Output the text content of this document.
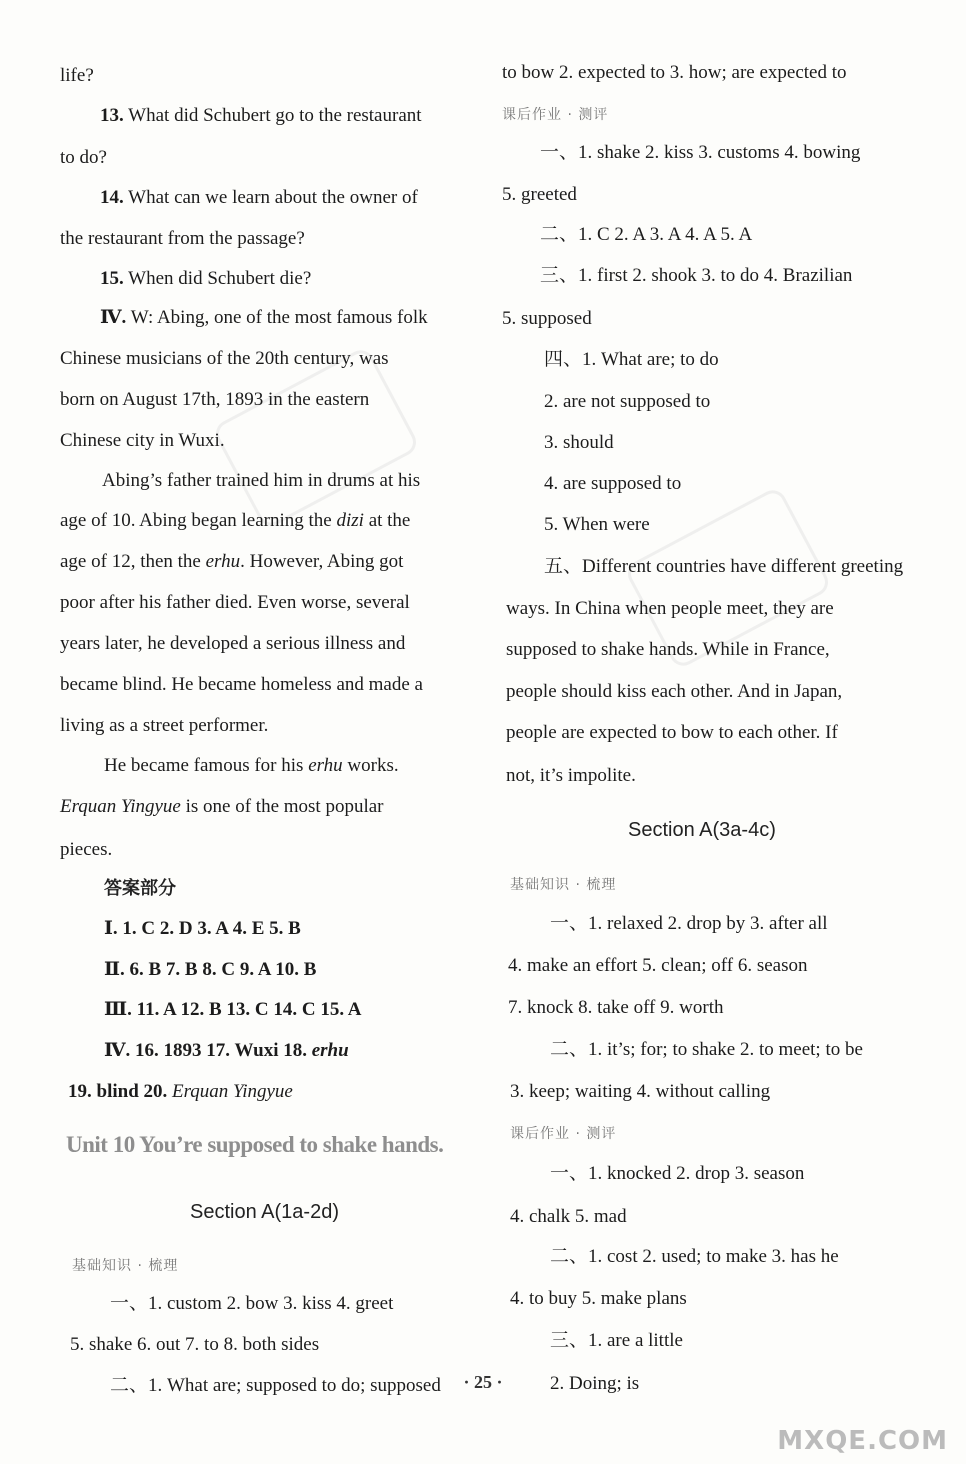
life?
13. What did Schubert go to the restaurant
to do?
14. What can we learn about the owner of
the restaurant from the passage?
15. When did Schubert die?
Ⅳ. W: Abing, one of the most famous folk
Chinese musicians of the 20th century, was
born on August 17th, 1893 in the eastern
Chinese city in Wuxi.
Abing’s father trained him in drums at his
age of 10. Abing began learning the dizi at the
age of 12, then the erhu. However, Abing got
poor after his father died. Even worse, several
years later, he developed a serious illness and
became blind. He became homeless and made a
living as a street performer.
He became famous for his erhu works.
Erquan Yingyue is one of the most popular
pieces.
答案部分
Ⅰ. 1. C 2. D 3. A 4. E 5. B
Ⅱ. 6. B 7. B 8. C 9. A 10. B
Ⅲ. 11. A 12. B 13. C 14. C 15. A
Ⅳ. 16. 1893 17. Wuxi 18. erhu
19. blind 20. Erquan Yingyue
Unit 10 You’re supposed to shake hands.
Section A(1a-2d)
基础知识 · 梳理
一、1. custom 2. bow 3. kiss 4. greet
5. shake 6. out 7. to 8. both sides
二、1. What are; supposed to do; supposed
to bow 2. expected to 3. how; are expected to
课后作业 · 测评
一、1. shake 2. kiss 3. customs 4. bowing
5. greeted
二、1. C 2. A 3. A 4. A 5. A
三、1. first 2. shook 3. to do 4. Brazilian
5. supposed
四、1. What are; to do
2. are not supposed to
3. should
4. are supposed to
5. When were
五、Different countries have different greeting
ways. In China when people meet, they are
supposed to shake hands. While in France,
people should kiss each other. And in Japan,
people are expected to bow to each other. If
not, it’s impolite.
Section A(3a-4c)
基础知识 · 梳理
一、1. relaxed 2. drop by 3. after all
4. make an effort 5. clean; off 6. season
7. knock 8. take off 9. worth
二、1. it’s; for; to shake 2. to meet; to be
3. keep; waiting 4. without calling
课后作业 · 测评
一、1. knocked 2. drop 3. season
4. chalk 5. mad
二、1. cost 2. used; to make 3. has he
4. to buy 5. make plans
三、1. are a little
2. Doing; is
· 25 ·
MXQE.COM
